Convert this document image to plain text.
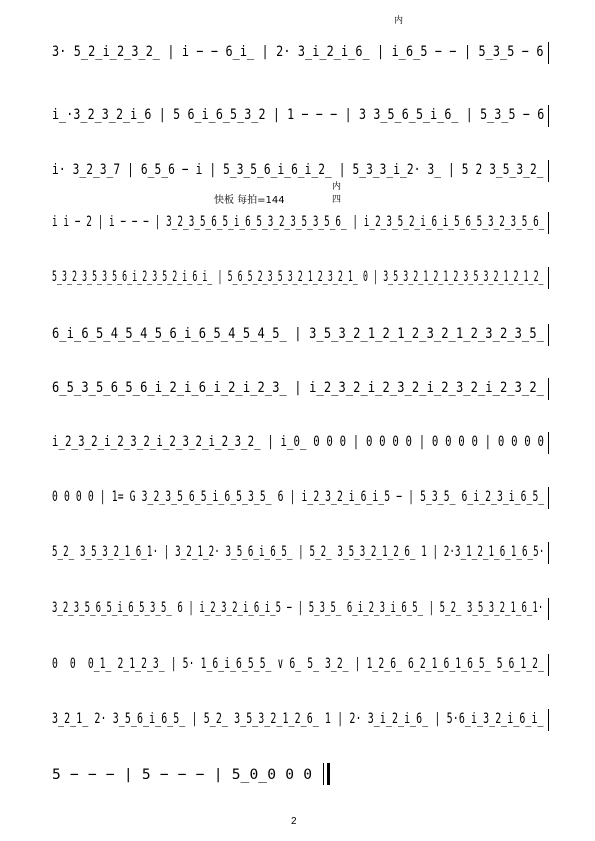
3· 5̲2̲i̲2̲3̲2̲ | i − − 6̲i̲ | 2· 3̲i̲2̲i̲6̲ | i̲6̲5 − − | 5̲3̲5 − 6

内

i̲·3̲2̲3̲2̲i̲6 | 5 6̲i̲6̲5̲3̲2 | 1 − − − | 3 3̲5̲6̲5̲i̲6̲ | 5̲3̲5 − 6

i· 3̲2̲3̲7 | 6̲5̲6 − i | 5̲3̲5̲6̲i̲6̲i̲2̲ | 5̲3̲3̲i̲2· 3̲ | 5 2 3̲5̲3̲2̲

快板 每拍=144
内
四

i i − 2 | i − − − | 3̲2̲3̲5̲6̲5̲i̲6̲5̲3̲2̲3̲5̲3̲5̲6̲ | i̲2̲3̲5̲2̲i̲6̲i̲5̲6̲5̲3̲2̲3̲5̲6̲

5̲3̲2̲3̲5̲3̲5̲6̲i̲2̲3̲5̲2̲i̲6̲i̲ | 5̲6̲5̲2̲3̲5̲3̲2̲1̲2̲3̲2̲1̲ 0 | 3̲5̲3̲2̲1̲2̲1̲2̲3̲5̲3̲2̲1̲2̲1̲2̲

6̲i̲6̲5̲4̲5̲4̲5̲6̲i̲6̲5̲4̲5̲4̲5̲ | 3̲5̲3̲2̲1̲2̲1̲2̲3̲2̲1̲2̲3̲2̲3̲5̲

6̲5̲3̲5̲6̲5̲6̲i̲2̲i̲6̲i̲2̲i̲2̲3̲ | i̲2̲3̲2̲i̲2̲3̲2̲i̲2̲3̲2̲i̲2̲3̲2̲

i̲2̲3̲2̲i̲2̲3̲2̲i̲2̲3̲2̲i̲2̲3̲2̲ | i̲0̲ 0 0 0 | 0 0 0 0 | 0 0 0 0 | 0 0 0 0

0 0 0 0 | 1= G 3̲2̲3̲5̲6̲5̲i̲6̲5̲3̲5̲ 6 | i̲2̲3̲2̲i̲6̲i̲5 − | 5̲3̲5̲ 6̲i̲2̲3̲i̲6̲5̲

5̲2̲ 3̲5̲3̲2̲1̲6̲1· | 3̲2̲1̲2· 3̲5̲6̲i̲6̲5̲ | 5̲2̲ 3̲5̲3̲2̲1̲2̲6̲ 1 | 2·3̲1̲2̲1̲6̲1̲6̲5·

3̲2̲3̲5̲6̲5̲i̲6̲5̲3̲5̲ 6 | i̲2̲3̲2̲i̲6̲i̲5 − | 5̲3̲5̲ 6̲i̲2̲3̲i̲6̲5̲ | 5̲2̲ 3̲5̲3̲2̲1̲6̲1·

0  0  0̲1̲ 2̲1̲2̲3̲ | 5· 1̲6̲i̲6̲5̲5̲ ∨ 6̲ 5̲ 3̲2̲ | 1̲2̲6̲ 6̲2̲1̲6̲1̲6̲5̲ 5̲6̲1̲2̲

3̲2̲1̲ 2· 3̲5̲6̲i̲6̲5̲ | 5̲2̲ 3̲5̲3̲2̲1̲2̲6̲ 1 | 2· 3̲i̲2̲i̲6̲ | 5·6̲i̲3̲2̲i̲6̲i̲

5 − − − | 5 − − − | 5̲0̲0 0 0

2
